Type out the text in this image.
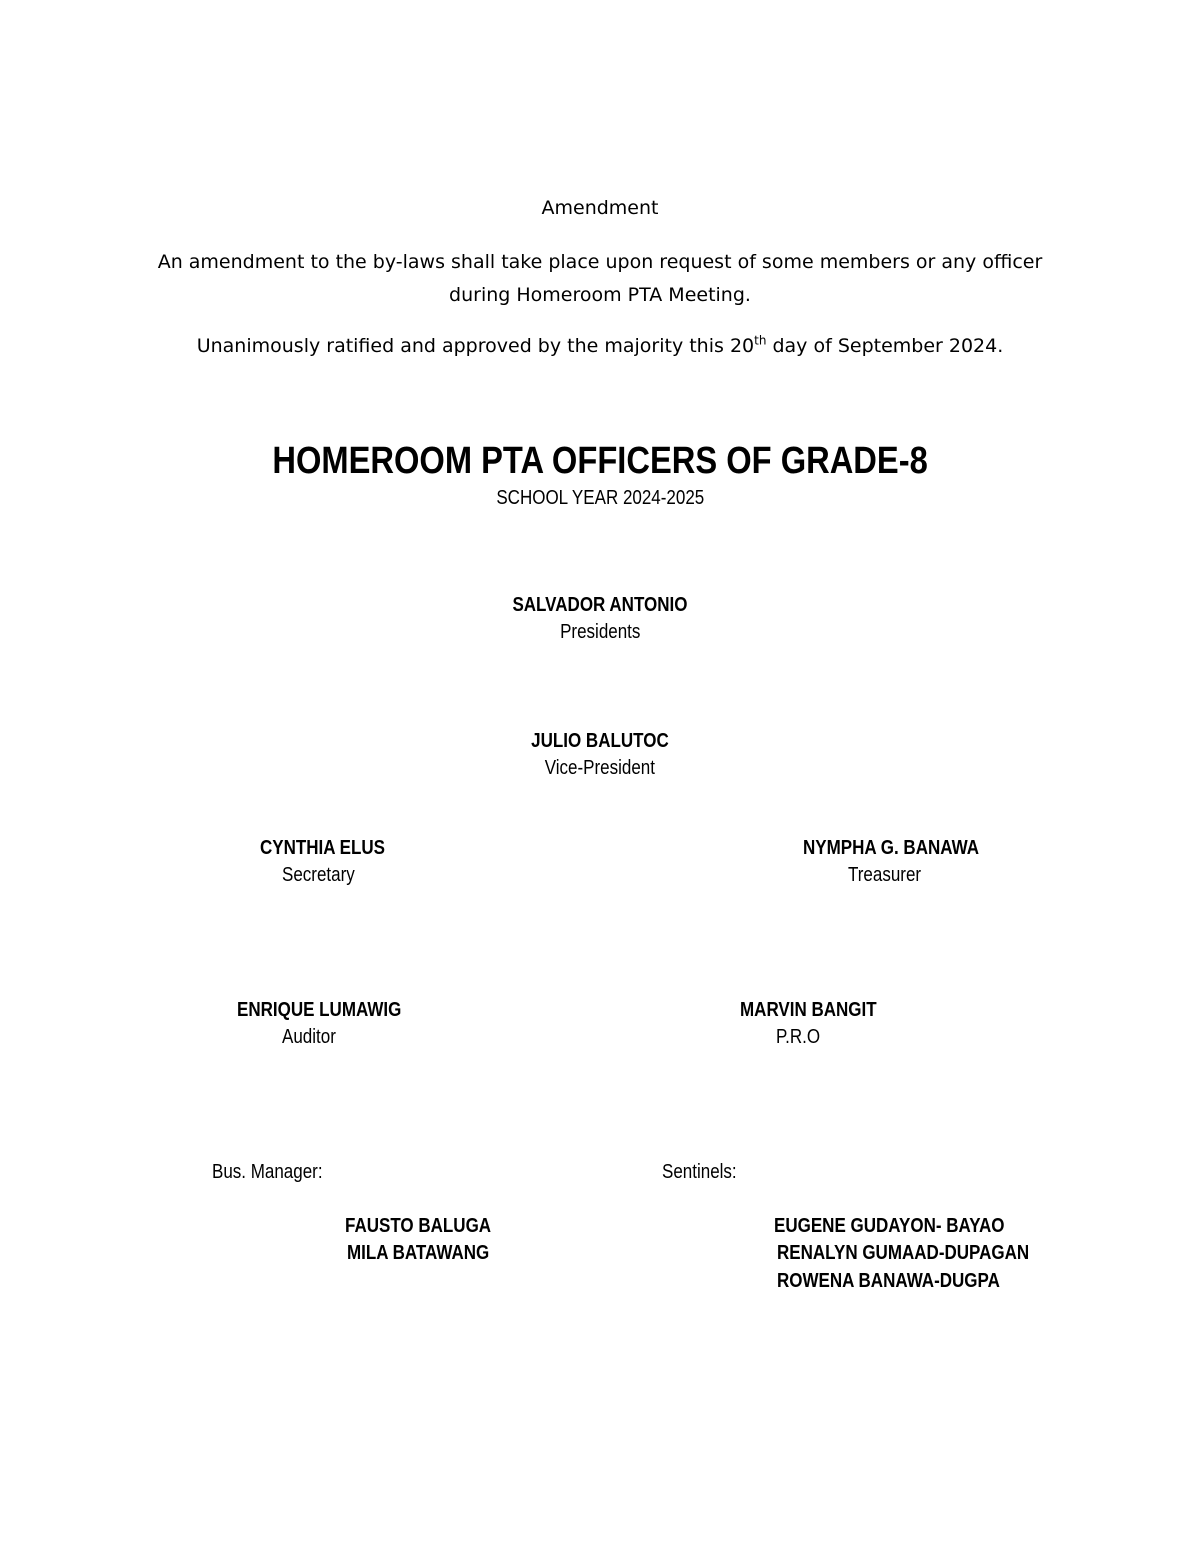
Amendment
An amendment to the by-laws shall take place upon request of some members or any officer
during Homeroom PTA Meeting.
Unanimously ratified and approved by the majority this 20th day of September 2024.
HOMEROOM PTA OFFICERS OF GRADE-8
SCHOOL YEAR 2024-2025
SALVADOR ANTONIO
Presidents
JULIO BALUTOC
Vice-President
CYNTHIA ELUS
Secretary
NYMPHA G. BANAWA
Treasurer
ENRIQUE LUMAWIG
Auditor
MARVIN BANGIT
P.R.O
Bus. Manager:
FAUSTO BALUGA
MILA BATAWANG
Sentinels:
EUGENE GUDAYON- BAYAO
RENALYN GUMAAD-DUPAGAN
ROWENA BANAWA-DUGPA
